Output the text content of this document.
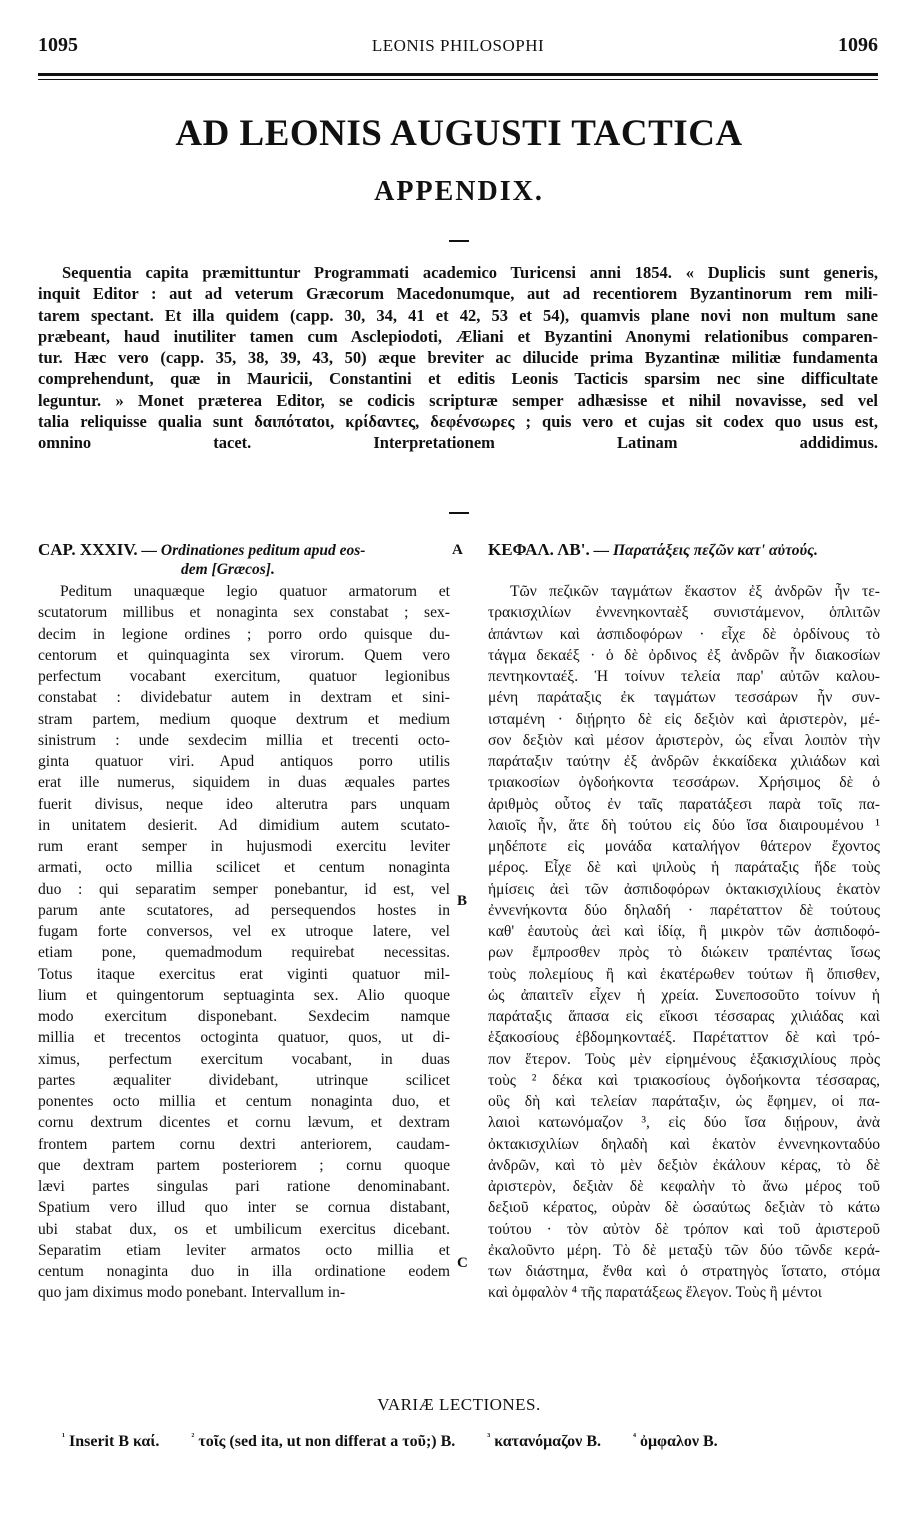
1095	LEONIS PHILOSOPHI	1096
AD LEONIS AUGUSTI TACTICA
APPENDIX.
Sequentia capita præmittuntur Programmati academico Turicensi anni 1854. « Duplicis sunt generis,
inquit Editor : aut ad veterum Græcorum Macedonumque, aut ad recentiorem Byzantinorum rem mili-
tarem spectant. Et illa quidem (capp. 30, 34, 41 et 42, 53 et 54), quamvis plane novi non multum sane
præbeant, haud inutiliter tamen cum Asclepiodoti, Æliani et Byzantini Anonymi relationibus comparen-
tur. Hæc vero (capp. 35, 38, 39, 43, 50) æque breviter ac dilucide prima Byzantinæ militiæ fundamenta
comprehendunt, quæ in Mauricii, Constantini et editis Leonis Tacticis sparsim nec sine difficultate
leguntur. » Monet præterea Editor, se codicis scripturæ semper adhæsisse et nihil novavisse, sed vel
talia reliquisse qualia sunt δαιπόταtoι, κρίδαντες, δεφένσωρες ; quis vero et cujas sit codex quo usus est,
omnino tacet. Interpretationem Latinam addidimus.
CAP. XXXIV. — Ordinationes peditum apud eos-
dem [Græcos].
A ΚΕΦΑΛ. ΛΒ'. — Παρατάξεις πεζῶν κατ' αὐτούς.
Peditum unaquæque legio quatuor armatorum et
scutatorum millibus et nonaginta sex constabat ; sex-
decim in legione ordines ; porro ordo quisque du-
centorum et quinquaginta sex virorum. Quem vero
perfectum vocabant exercitum, quatuor legionibus
constabat : dividebatur autem in dextram et sini-
stram partem, medium quoque dextrum et medium
sinistrum : unde sexdecim millia et trecenti octo-
ginta quatuor viri. Apud antiquos porro utilis
erat ille numerus, siquidem in duas æquales partes
fuerit divisus, neque ideo alterutra pars unquam
in unitatem desierit. Ad dimidium autem scutato-
rum erant semper in hujusmodi exercitu leviter
armati, octo millia scilicet et centum nonaginta
duo : qui separatim semper ponebantur, id est, vel
parum ante scutatores, ad persequendos hostes in
fugam forte conversos, vel ex utroque latere, vel
etiam pone, quemadmodum requirebat necessitas.
Totus itaque exercitus erat viginti quatuor mil-
lium et quingentorum septuaginta sex. Alio quoque
modo exercitum disponebant. Sexdecim namque
millia et trecentos octoginta quatuor, quos, ut di-
ximus, perfectum exercitum vocabant, in duas
partes æqualiter dividebant, utrinque scilicet
ponentes octo millia et centum nonaginta duo, et
cornu dextrum dicentes et cornu lævum, et dextram
frontem partem cornu dextri anteriorem, caudam-
que dextram partem posteriorem ; cornu quoque
lævi partes singulas pari ratione denominabant.
Spatium vero illud quo inter se cornua distabant,
ubi stabat dux, os et umbilicum exercitus dicebant.
Separatim etiam leviter armatos octo millia et
centum nonaginta duo in illa ordinatione eodem
quo jam diximus modo ponebant. Intervallum in-
B
C
Τῶν πεζικῶν ταγμάτων ἕκαστον ἐξ ἀνδρῶν ἦν τε-
τρακισχιλίων ἐννενηκονταὲξ συνιστάμενον, ὁπλιτῶν
ἁπάντων καὶ ἀσπιδοφόρων · εἶχε δὲ ὀρδίνους τὸ
τάγμα δεκαέξ · ὁ δὲ ὀρδινος ἐξ ἀνδρῶν ἦν διακοσίων
πεντηκονταέξ. Ἡ τοίνυν τελεία παρ' αὐτῶν καλου-
μένη παράταξις ἐκ ταγμάτων τεσσάρων ἦν συν-
ισταμένη · διῄρητο δὲ εἰς δεξιὸν καὶ ἀριστερὸν, μέ-
σον δεξιὸν καὶ μέσον ἀριστερὸν, ὡς εἶναι λοιπὸν τὴν
παράταξιν ταύτην ἐξ ἀνδρῶν ἑκκαίδεκα χιλιάδων καὶ
τριακοσίων ὀγδοήκοντα τεσσάρων. Χρήσιμος δὲ ὁ
ἀριθμὸς οὗτος ἐν ταῖς παρατάξεσι παρὰ τοῖς πα-
λαιοῖς ἦν, ἅτε δὴ τούτου εἰς δύο ἴσα διαιρουμένου ¹
μηδέποτε εἰς μονάδα καταλήγον θάτερον ἔχοντος
μέρος. Εἶχε δὲ καὶ ψιλοὺς ἡ παράταξις ἥδε τοὺς
ἡμίσεις ἀεὶ τῶν ἀσπιδοφόρων ὀκτακισχιλίους ἑκατὸν
ἐννενήκοντα δύο δηλαδή · παρέταττον δὲ τούτους
καθ' ἑαυτοὺς ἀεὶ καὶ ἰδίᾳ, ἢ μικρὸν τῶν ἀσπιδοφό-
ρων ἔμπροσθεν πρὸς τὸ διώκειν τραπέντας ἴσως
τοὺς πολεμίους ἢ καὶ ἑκατέρωθεν τούτων ἢ ὄπισθεν,
ὡς ἀπαιτεῖν εἶχεν ἡ χρεία. Συνεποσοῦτο τοίνυν ἡ
παράταξις ἅπασα εἰς εἴκοσι τέσσαρας χιλιάδας καὶ
ἑξακοσίους ἑβδομηκονταέξ. Παρέταττον δὲ καὶ τρό-
πον ἕτερον. Τοὺς μὲν εἰρημένους ἑξακισχιλίους πρὸς
τοὺς ² δέκα καὶ τριακοσίους ὀγδοήκοντα τέσσαρας,
οὓς δὴ καὶ τελείαν παράταξιν, ὡς ἔφημεν, οἱ πα-
λαιοὶ κατωνόμαζον ³, εἰς δύο ἴσα διῄρουν, ἀνὰ
ὀκτακισχιλίων δηλαδὴ καὶ ἑκατὸν ἐννενηκονταδύο
ἀνδρῶν, καὶ τὸ μὲν δεξιὸν ἐκάλουν κέρας, τὸ δὲ
ἀριστερὸν, δεξιὰν δὲ κεφαλὴν τὸ ἄνω μέρος τοῦ
δεξιοῦ κέρατος, οὐρὰν δὲ ὡσαύτως δεξιὰν τὸ κάτω
τούτου · τὸν αὐτὸν δὲ τρόπον καὶ τοῦ ἀριστεροῦ
ἐκαλοῦντο μέρη. Τὸ δὲ μεταξὺ τῶν δύο τῶνδε κερά-
των διάστημα, ἔνθα καὶ ὁ στρατηγὸς ἵστατο, στόμα
καὶ ὀμφαλὸν ⁴ τῆς παρατάξεως ἔλεγον. Τοὺς ἢ μέντοι
VARIÆ LECTIONES.
$^{^1}$ Inserit B καί.	$^{^2}$ τοῖς (sed ita, ut non differat a τοῦ;) B.	$^{^3}$ κατανόμαζον B.	$^{^4}$ ὀμφαλον B.
